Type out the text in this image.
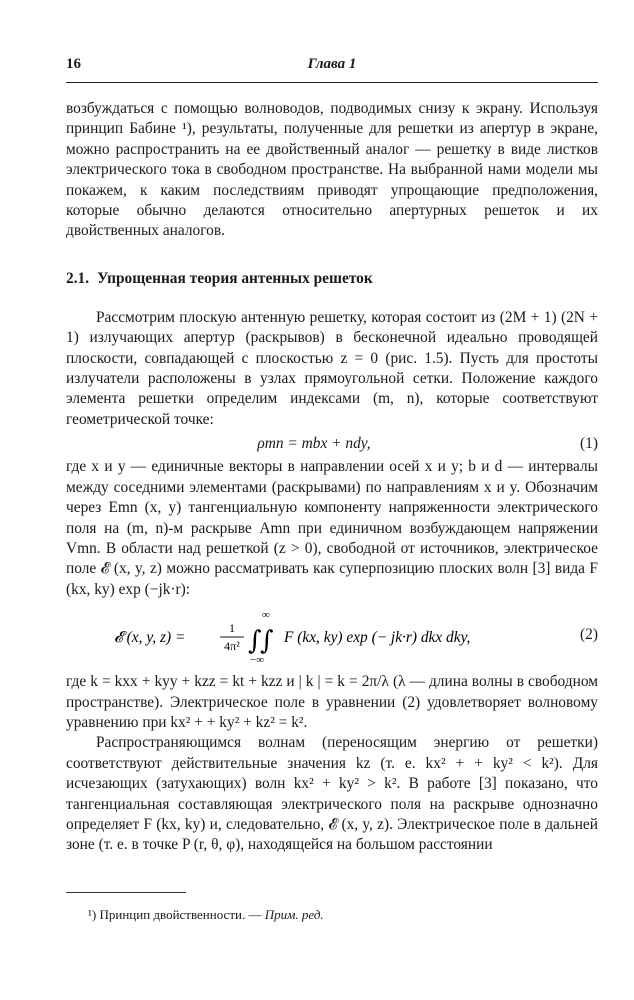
16	Глава 1

возбуждаться с помощью волноводов, подводимых снизу к экрану. Используя принцип Бабине ¹), результаты, полученные для решетки из апертур в экране, можно распространить на ее двойственный аналог — решетку в виде листков электрического тока в свободном пространстве. На выбранной нами модели мы покажем, к каким последствиям приводят упрощающие предположения, которые обычно делаются относительно апертурных решеток и их двойственных аналогов.

2.1. Упрощенная теория антенных решеток

Рассмотрим плоскую антенную решетку, которая состоит из (2M + 1) (2N + 1) излучающих апертур (раскрывов) в бесконечной идеально проводящей плоскости, совпадающей с плоскостью z = 0 (рис. 1.5). Пусть для простоты излучатели расположены в узлах прямоугольной сетки. Положение каждого элемента решетки определим индексами (m, n), которые соответствуют геометрической точке:

ρmn = mbx + ndy,	(1)

где x и y — единичные векторы в направлении осей x и y; b и d — интервалы между соседними элементами (раскрывами) по направлениям x и y. Обозначим через Emn (x, y) тангенциальную компоненту напряженности электрического поля на (m, n)-м раскрыве Amn при единичном возбуждающем напряжении Vmn. В области над решеткой (z > 0), свободной от источников, электрическое поле 𝓔 (x, y, z) можно рассматривать как суперпозицию плоских волн [3] вида F (kx, ky) exp (−jk·r):

𝓔 (x, y, z) =
1
4π² ∫
∫
∞
−∞
F (kx, ky) exp (− jk·r) dkx dky,	(2)

где k = kxx + kyy + kzz = kt + kzz и | k | = k = 2π/λ (λ — длина волны в свободном пространстве). Электрическое поле в уравнении (2) удовлетворяет волновому уравнению при kx² + + ky² + kz² = k².

Распространяющимся волнам (переносящим энергию от решетки) соответствуют действительные значения kz (т. е. kx² + + ky² < k²). Для исчезающих (затухающих) волн kx² + ky² > k². В работе [3] показано, что тангенциальная составляющая электрического поля на раскрыве однозначно определяет F (kx, ky) и, следовательно, 𝓔 (x, y, z). Электрическое поле в дальней зоне (т. е. в точке P (r, θ, φ), находящейся на большом расстоянии

¹) Принцип двойственности. — Прим. ред.
